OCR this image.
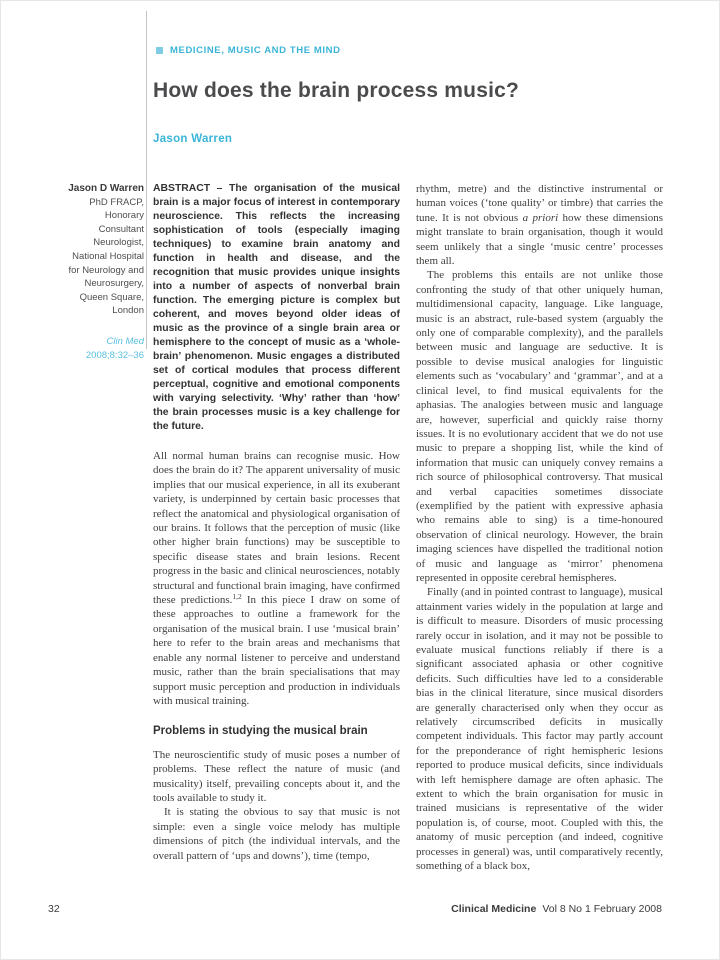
MEDICINE, MUSIC AND THE MIND
How does the brain process music?
Jason Warren
Jason D Warren
PhD FRACP,
Honorary
Consultant
Neurologist,
National Hospital
for Neurology and
Neurosurgery,
Queen Square,
London
Clin Med
2008;8:32–36
ABSTRACT – The organisation of the musical brain is a major focus of interest in contemporary neuroscience. This reflects the increasing sophistication of tools (especially imaging techniques) to examine brain anatomy and function in health and disease, and the recognition that music provides unique insights into a number of aspects of nonverbal brain function. The emerging picture is complex but coherent, and moves beyond older ideas of music as the province of a single brain area or hemisphere to the concept of music as a ‘whole-brain’ phenomenon. Music engages a distributed set of cortical modules that process different perceptual, cognitive and emotional components with varying selectivity. ‘Why’ rather than ‘how’ the brain processes music is a key challenge for the future.

All normal human brains can recognise music. How does the brain do it? The apparent universality of music implies that our musical experience, in all its exuberant variety, is underpinned by certain basic processes that reflect the anatomical and physiological organisation of our brains. It follows that the perception of music (like other higher brain functions) may be susceptible to specific disease states and brain lesions. Recent progress in the basic and clinical neurosciences, notably structural and functional brain imaging, have confirmed these predictions.$^{1,2}$ In this piece I draw on some of these approaches to outline a framework for the organisation of the musical brain. I use ‘musical brain’ here to refer to the brain areas and mechanisms that enable any normal listener to perceive and understand music, rather than the brain specialisations that may support music perception and production in individuals with musical training.

Problems in studying the musical brain

The neuroscientific study of music poses a number of problems. These reflect the nature of music (and musicality) itself, prevailing concepts about it, and the tools available to study it.

It is stating the obvious to say that music is not simple: even a single voice melody has multiple dimensions of pitch (the individual intervals, and the overall pattern of ‘ups and downs’), time (tempo,

rhythm, metre) and the distinctive instrumental or human voices (‘tone quality’ or timbre) that carries the tune. It is not obvious a priori how these dimensions might translate to brain organisation, though it would seem unlikely that a single ‘music centre’ processes them all.

The problems this entails are not unlike those confronting the study of that other uniquely human, multidimensional capacity, language. Like language, music is an abstract, rule-based system (arguably the only one of comparable complexity), and the parallels between music and language are seductive. It is possible to devise musical analogies for linguistic elements such as ‘vocabulary’ and ‘grammar’, and at a clinical level, to find musical equivalents for the aphasias. The analogies between music and language are, however, superficial and quickly raise thorny issues. It is no evolutionary accident that we do not use music to prepare a shopping list, while the kind of information that music can uniquely convey remains a rich source of philosophical controversy. That musical and verbal capacities sometimes dissociate (exemplified by the patient with expressive aphasia who remains able to sing) is a time-honoured observation of clinical neurology. However, the brain imaging sciences have dispelled the traditional notion of music and language as ‘mirror’ phenomena represented in opposite cerebral hemispheres.

Finally (and in pointed contrast to language), musical attainment varies widely in the population at large and is difficult to measure. Disorders of music processing rarely occur in isolation, and it may not be possible to evaluate musical functions reliably if there is a significant associated aphasia or other cognitive deficits. Such difficulties have led to a considerable bias in the clinical literature, since musical disorders are generally characterised only when they occur as relatively circumscribed deficits in musically competent individuals. This factor may partly account for the preponderance of right hemispheric lesions reported to produce musical deficits, since individuals with left hemisphere damage are often aphasic. The extent to which the brain organisation for music in trained musicians is representative of the wider population is, of course, moot. Coupled with this, the anatomy of music perception (and indeed, cognitive processes in general) was, until comparatively recently, something of a black box,

32	Clinical Medicine Vol 8 No 1 February 2008
